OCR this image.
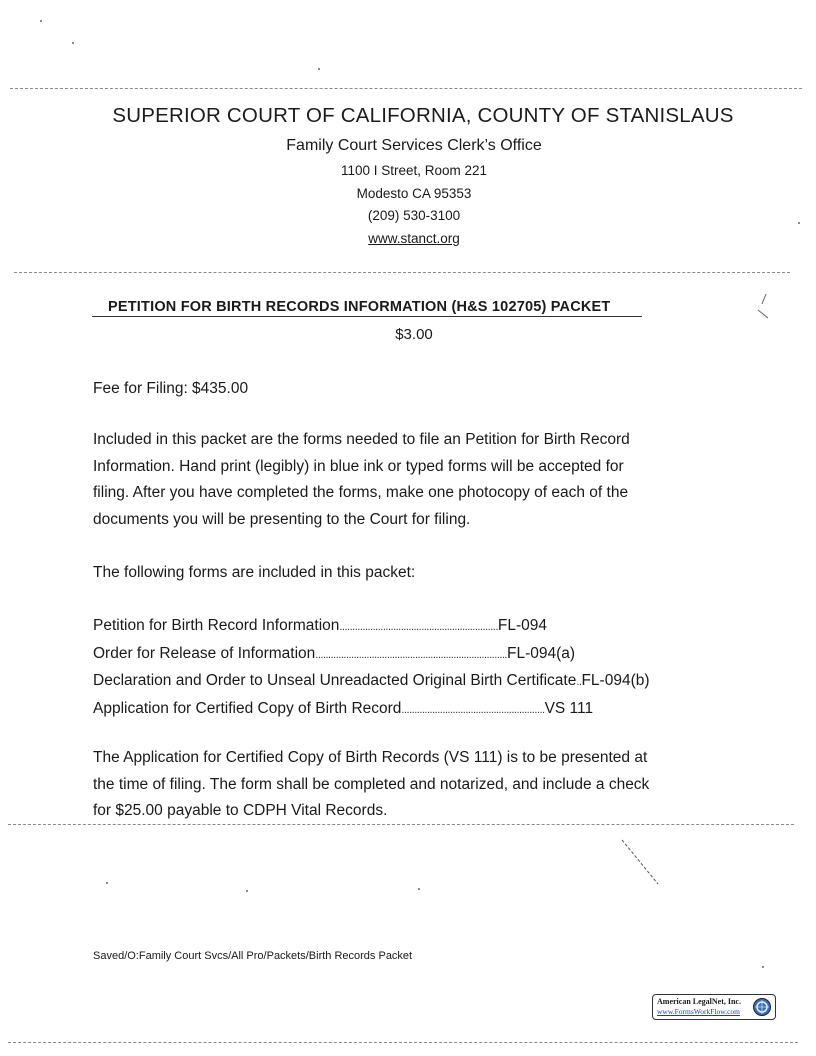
SUPERIOR COURT OF CALIFORNIA, COUNTY OF STANISLAUS
Family Court Services Clerk’s Office
1100 I Street, Room 221
Modesto CA 95353
(209) 530-3100
www.stanct.org
PETITION FOR BIRTH RECORDS INFORMATION (H&S 102705) PACKET
$3.00
Fee for Filing: $435.00
Included in this packet are the forms needed to file an Petition for Birth Record
Information. Hand print (legibly) in blue ink or typed forms will be accepted for
filing. After you have completed the forms, make one photocopy of each of the
documents you will be presenting to the Court for filing.
The following forms are included in this packet:
Petition for Birth Record Information .............................................................. FL-094
Order for Release of Information ........................................................................... FL-094(a)
Declaration and Order to Unseal Unreadacted Original Birth Certificate .. FL-094(b)
Application for Certified Copy of Birth Record ........................................................ VS 111
The Application for Certified Copy of Birth Records (VS 111) is to be presented at
the time of filing. The form shall be completed and notarized, and include a check
for $25.00 payable to CDPH Vital Records.
Saved/O:Family Court Svcs/All Pro/Packets/Birth Records Packet
American LegalNet, Inc.
www.FormsWorkFlow.com
